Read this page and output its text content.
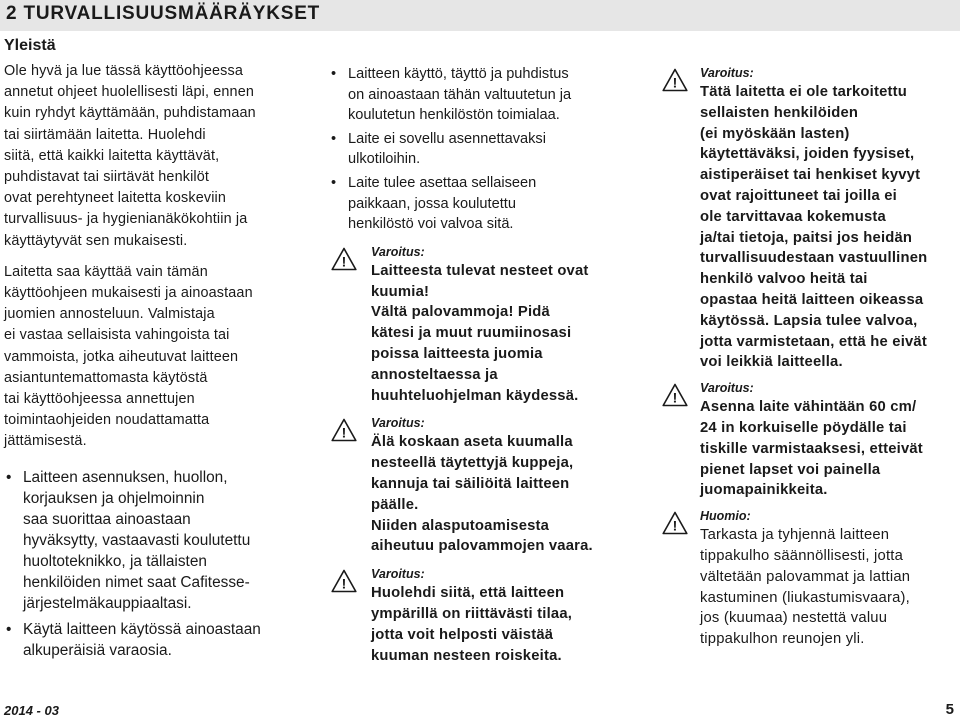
2 TURVALLISUUSMÄÄRÄYKSET
Yleistä

Ole hyvä ja lue tässä käyttöohjeessa
annetut ohjeet huolellisesti läpi, ennen
kuin ryhdyt käyttämään, puhdistamaan
tai siirtämään laitetta. Huolehdi
siitä, että kaikki laitetta käyttävät,
puhdistavat tai siirtävät henkilöt
ovat perehtyneet laitetta koskeviin
turvallisuus- ja hygienianäkökohtiin ja
käyttäytyvät sen mukaisesti.

Laitetta saa käyttää vain tämän
käyttöohjeen mukaisesti ja ainoastaan
juomien annosteluun. Valmistaja
ei vastaa sellaisista vahingoista tai
vammoista, jotka aiheutuvat laitteen
asiantuntemattomasta käytöstä
tai käyttöohjeessa annettujen
toimintaohjeiden noudattamatta
jättämisestä.

• Laitteen asennuksen, huollon,
korjauksen ja ohjelmoinnin
saa suorittaa ainoastaan
hyväksytty, vastaavasti koulutettu
huoltoteknikko, ja tällaisten
henkilöiden nimet saat Cafitesse-
järjestelmäkauppiaaltasi.
• Käytä laitteen käytössä ainoastaan
alkuperäisiä varaosia.
• Laitteen käyttö, täyttö ja puhdistus
on ainoastaan tähän valtuutetun ja
koulutetun henkilöstön toimialaa.
• Laite ei sovellu asennettavaksi
ulkotiloihin.
• Laite tulee asettaa sellaiseen
paikkaan, jossa koulutettu
henkilöstö voi valvoa sitä.
!
Varoitus:
Laitteesta tulevat nesteet ovat
kuumia!
Vältä palovammoja! Pidä
kätesi ja muut ruumiinosasi
poissa laitteesta juomia
annosteltaessa ja
huuhteluohjelman käydessä.
!
Varoitus:
Älä koskaan aseta kuumalla
nesteellä täytettyjä kuppeja,
kannuja tai säiliöitä laitteen
päälle.
Niiden alasputoamisesta
aiheutuu palovammojen vaara.
!
Varoitus:
Huolehdi siitä, että laitteen
ympärillä on riittävästi tilaa,
jotta voit helposti väistää
kuuman nesteen roiskeita.
!
Varoitus:
Tätä laitetta ei ole tarkoitettu
sellaisten henkilöiden
(ei myöskään lasten)
käytettäväksi, joiden fyysiset,
aistiperäiset tai henkiset kyvyt
ovat rajoittuneet tai joilla ei
ole tarvittavaa kokemusta
ja/tai tietoja, paitsi jos heidän
turvallisuudestaan vastuullinen
henkilö valvoo heitä tai
opastaa heitä laitteen oikeassa
käytössä. Lapsia tulee valvoa,
jotta varmistetaan, että he eivät
voi leikkiä laitteella.
!
Varoitus:
Asenna laite vähintään 60 cm/
24 in korkuiselle pöydälle tai
tiskille varmistaaksesi, etteivät
pienet lapset voi painella
juomapainikkeita.
!
Huomio:
Tarkasta ja tyhjennä laitteen
tippakulho säännöllisesti, jotta
vältetään palovammat ja lattian
kastuminen (liukastumisvaara),
jos (kuumaa) nestettä valuu
tippakulhon reunojen yli.
2014 - 03	5
